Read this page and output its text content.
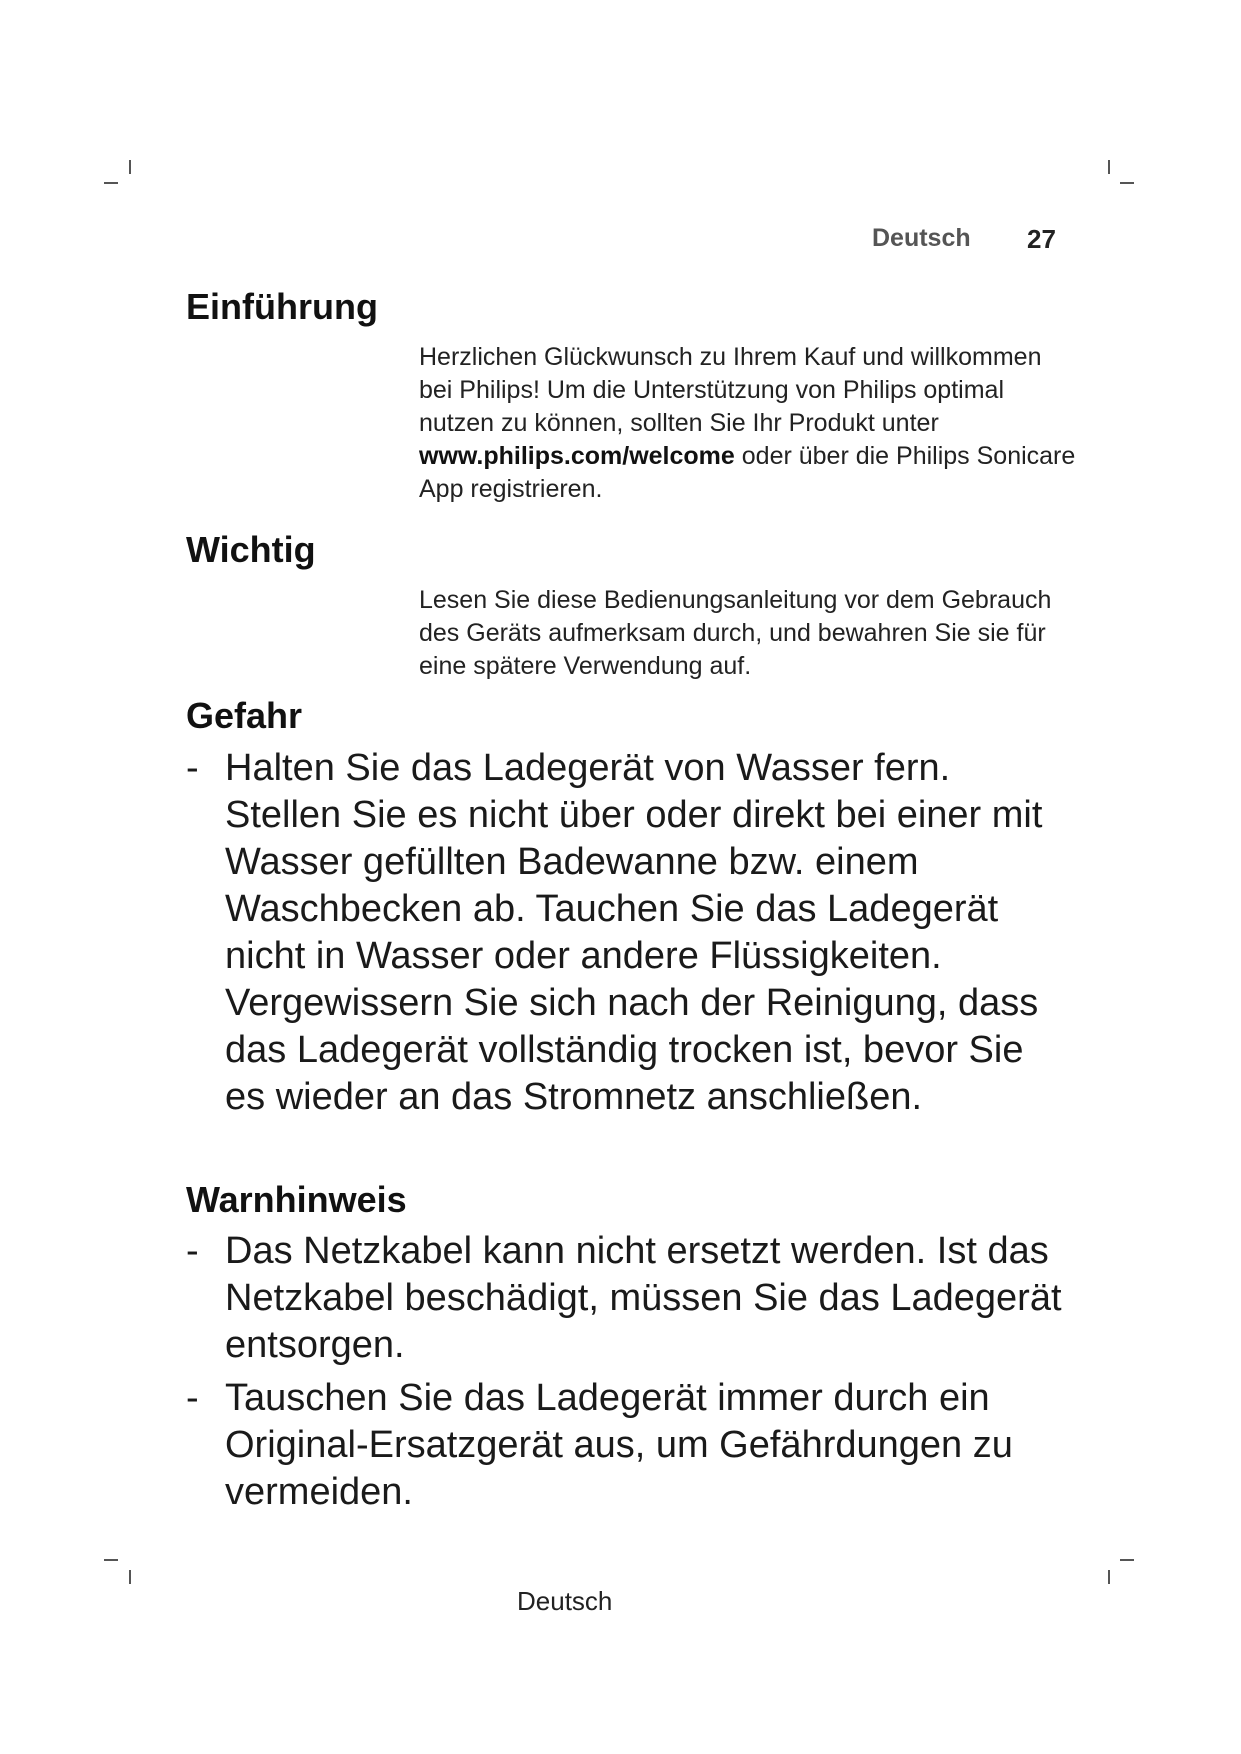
Deutsch 27
Einführung

Herzlichen Glückwunsch zu Ihrem Kauf und willkommen bei Philips! Um die Unterstützung von Philips optimal nutzen zu können, sollten Sie Ihr Produkt unter www.philips.com/welcome oder über die Philips Sonicare App registrieren.

Wichtig

Lesen Sie diese Bedienungsanleitung vor dem Gebrauch des Geräts aufmerksam durch, und bewahren Sie sie für eine spätere Verwendung auf.

Gefahr
- Halten Sie das Ladegerät von Wasser fern. Stellen Sie es nicht über oder direkt bei einer mit Wasser gefüllten Badewanne bzw. einem Waschbecken ab. Tauchen Sie das Ladegerät nicht in Wasser oder andere Flüssigkeiten. Vergewissern Sie sich nach der Reinigung, dass das Ladegerät vollständig trocken ist, bevor Sie es wieder an das Stromnetz anschließen.
Warnhinweis
- Das Netzkabel kann nicht ersetzt werden. Ist das Netzkabel beschädigt, müssen Sie das Ladegerät entsorgen.
- Tauschen Sie das Ladegerät immer durch ein Original-Ersatzgerät aus, um Gefährdungen zu vermeiden.
Deutsch
